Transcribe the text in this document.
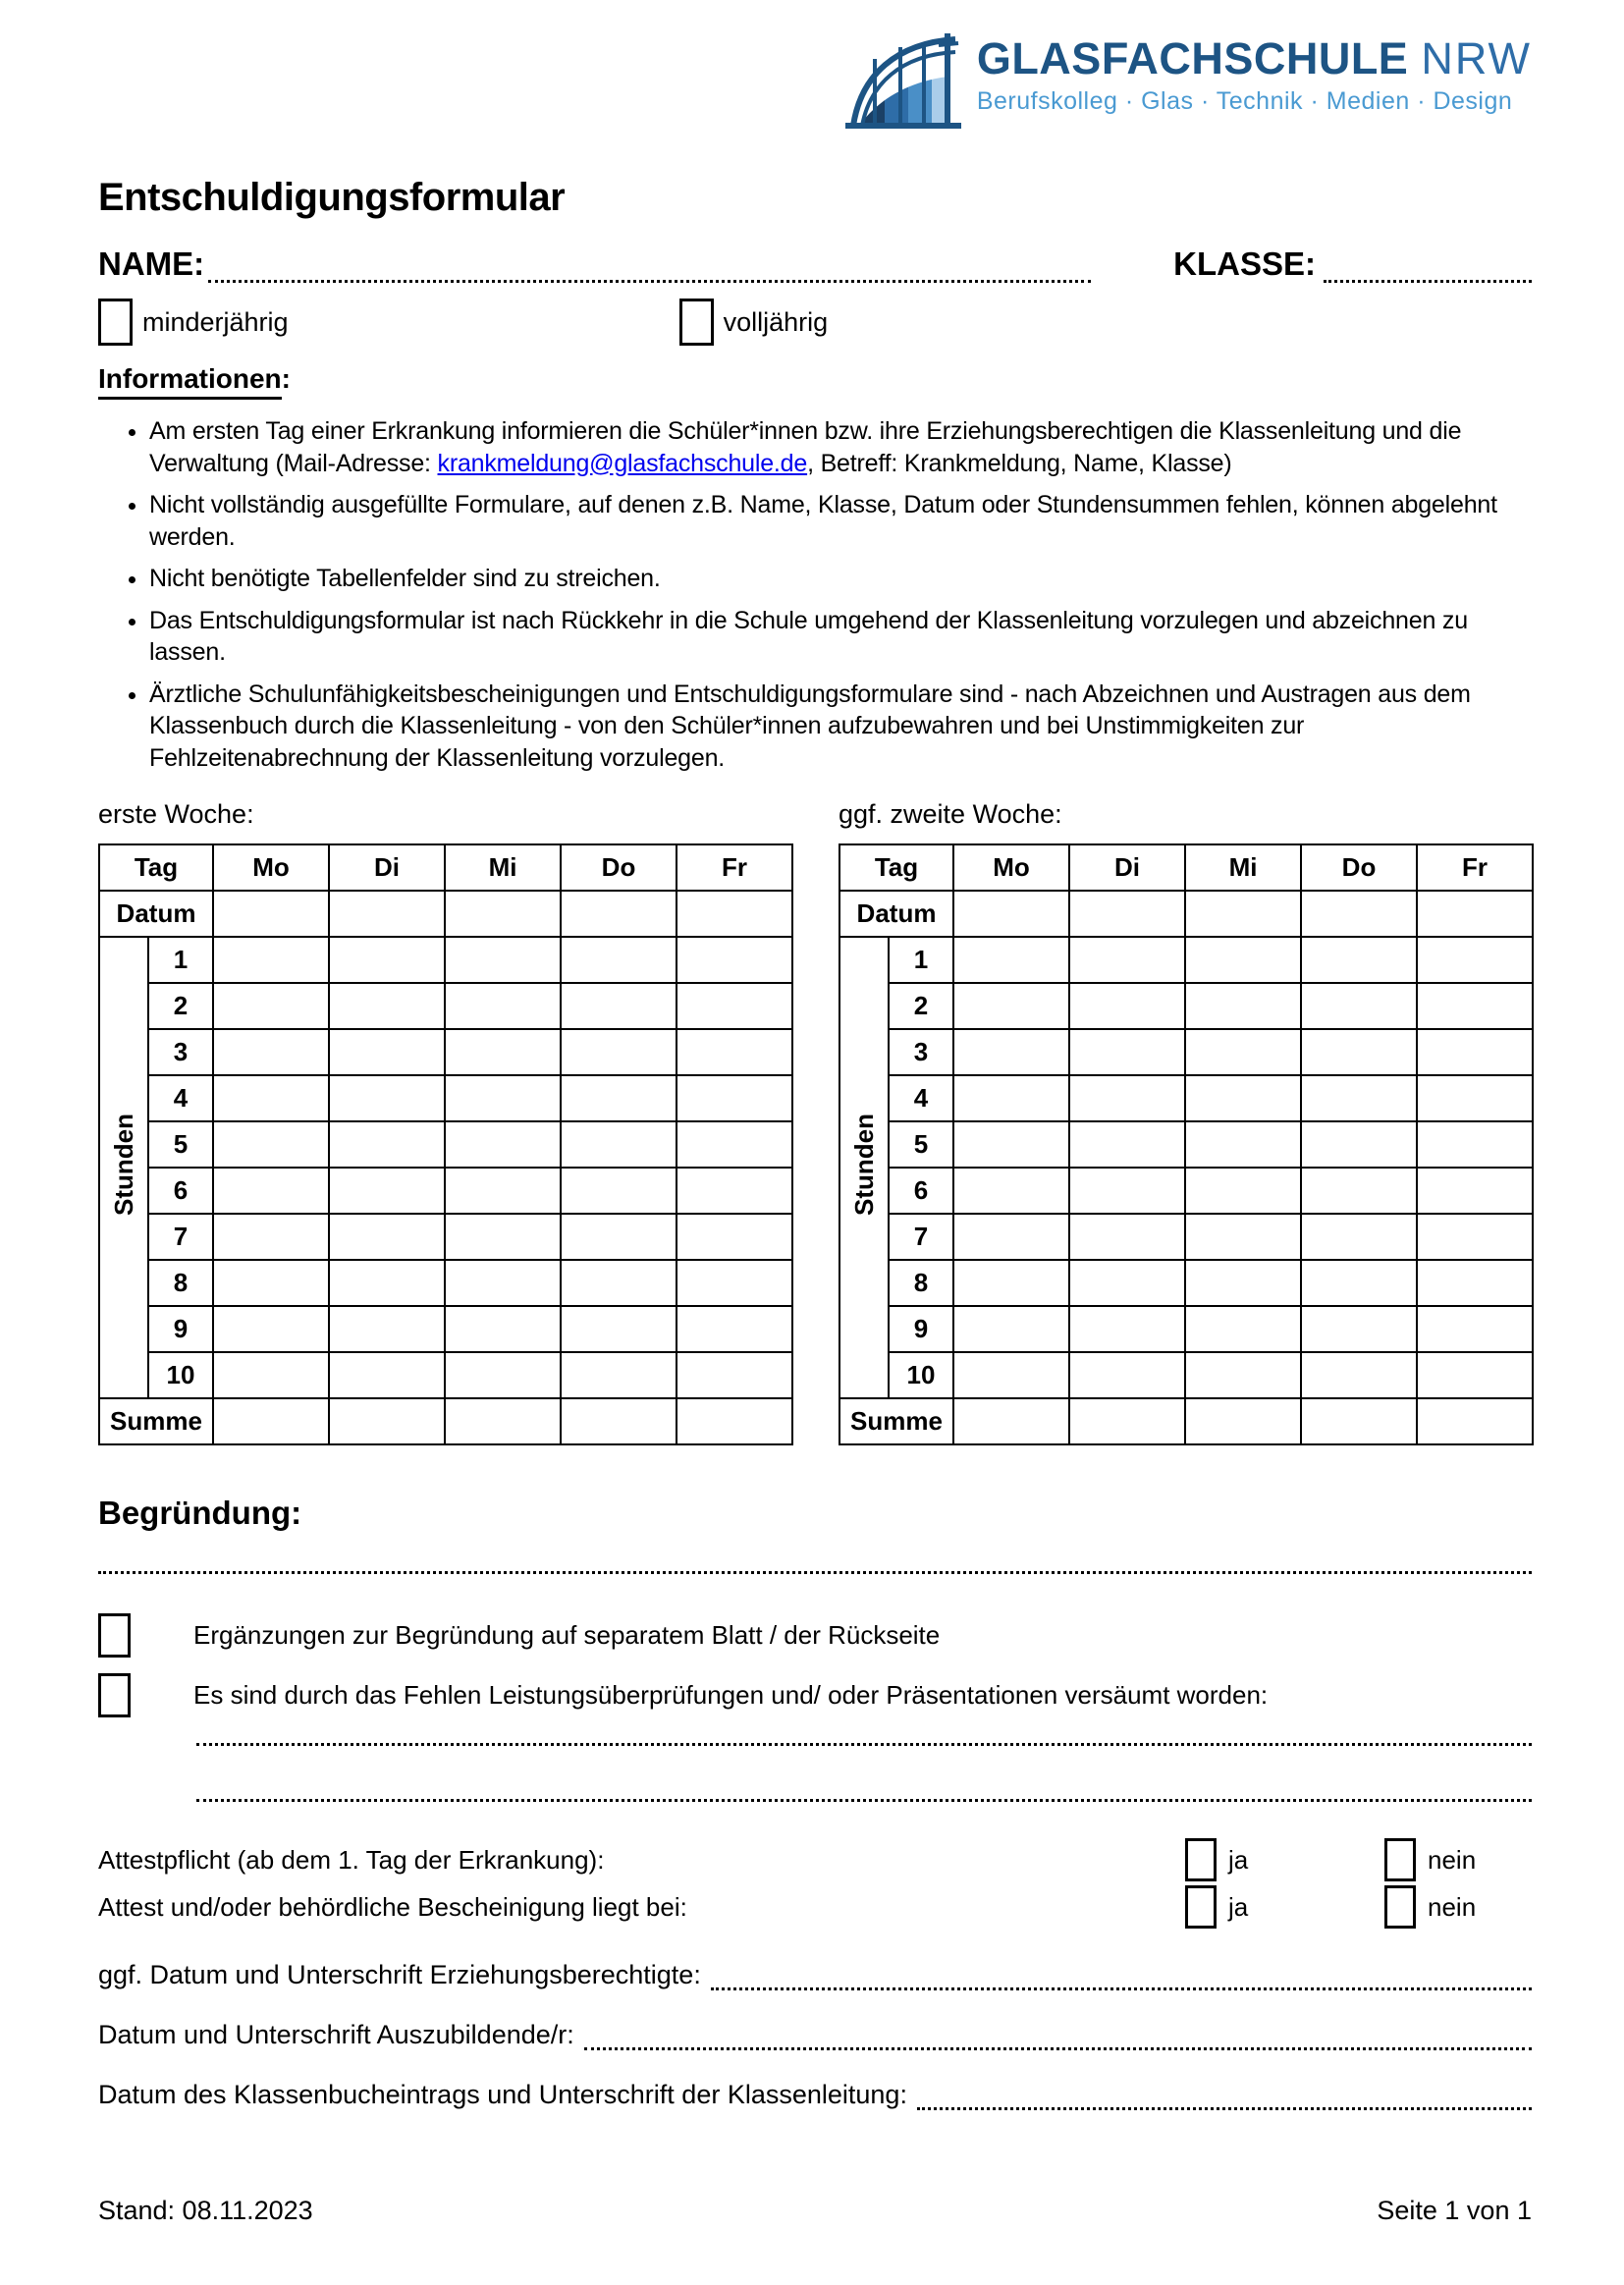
GLASFACHSCHULE NRW
Berufskolleg · Glas · Technik · Medien · Design
Entschuldigungsformular
NAME:	KLASSE:
minderjährig	volljährig
Informationen:
• Am ersten Tag einer Erkrankung informieren die Schüler*innen bzw. ihre Erziehungsberechtigen die Klassenleitung und die Verwaltung (Mail-Adresse: krankmeldung@glasfachschule.de, Betreff: Krankmeldung, Name, Klasse)
• Nicht vollständig ausgefüllte Formulare, auf denen z.B. Name, Klasse, Datum oder Stundensummen fehlen, können abgelehnt werden.
• Nicht benötigte Tabellenfelder sind zu streichen.
• Das Entschuldigungsformular ist nach Rückkehr in die Schule umgehend der Klassenleitung vorzulegen und abzeichnen zu lassen.
• Ärztliche Schulunfähigkeitsbescheinigungen und Entschuldigungsformulare sind - nach Abzeichnen und Austragen aus dem Klassenbuch durch die Klassenleitung - von den Schüler*innen aufzubewahren und bei Unstimmigkeiten zur Fehlzeitenabrechnung der Klassenleitung vorzulegen.
erste Woche:
Tag		Mo	Di	Mi	Do	Fr
Datum						
Stunden	1					
	2					
	3					
	4					
	5					
	6					
	7					
	8					
	9					
	10					
Summe						
ggf. zweite Woche:
Tag		Mo	Di	Mi	Do	Fr
Datum						
Stunden	1					
	2					
	3					
	4					
	5					
	6					
	7					
	8					
	9					
	10					
Summe						
Begründung:
Ergänzungen zur Begründung auf separatem Blatt / der Rückseite
Es sind durch das Fehlen Leistungsüberprüfungen und/ oder Präsentationen versäumt worden:
Attestpflicht (ab dem 1. Tag der Erkrankung):	ja	nein
Attest und/oder behördliche Bescheinigung liegt bei:	ja	nein
ggf. Datum und Unterschrift Erziehungsberechtigte:
Datum und Unterschrift Auszubildende/r:
Datum des Klassenbucheintrags und Unterschrift der Klassenleitung:
Stand: 08.11.2023	Seite 1 von 1
